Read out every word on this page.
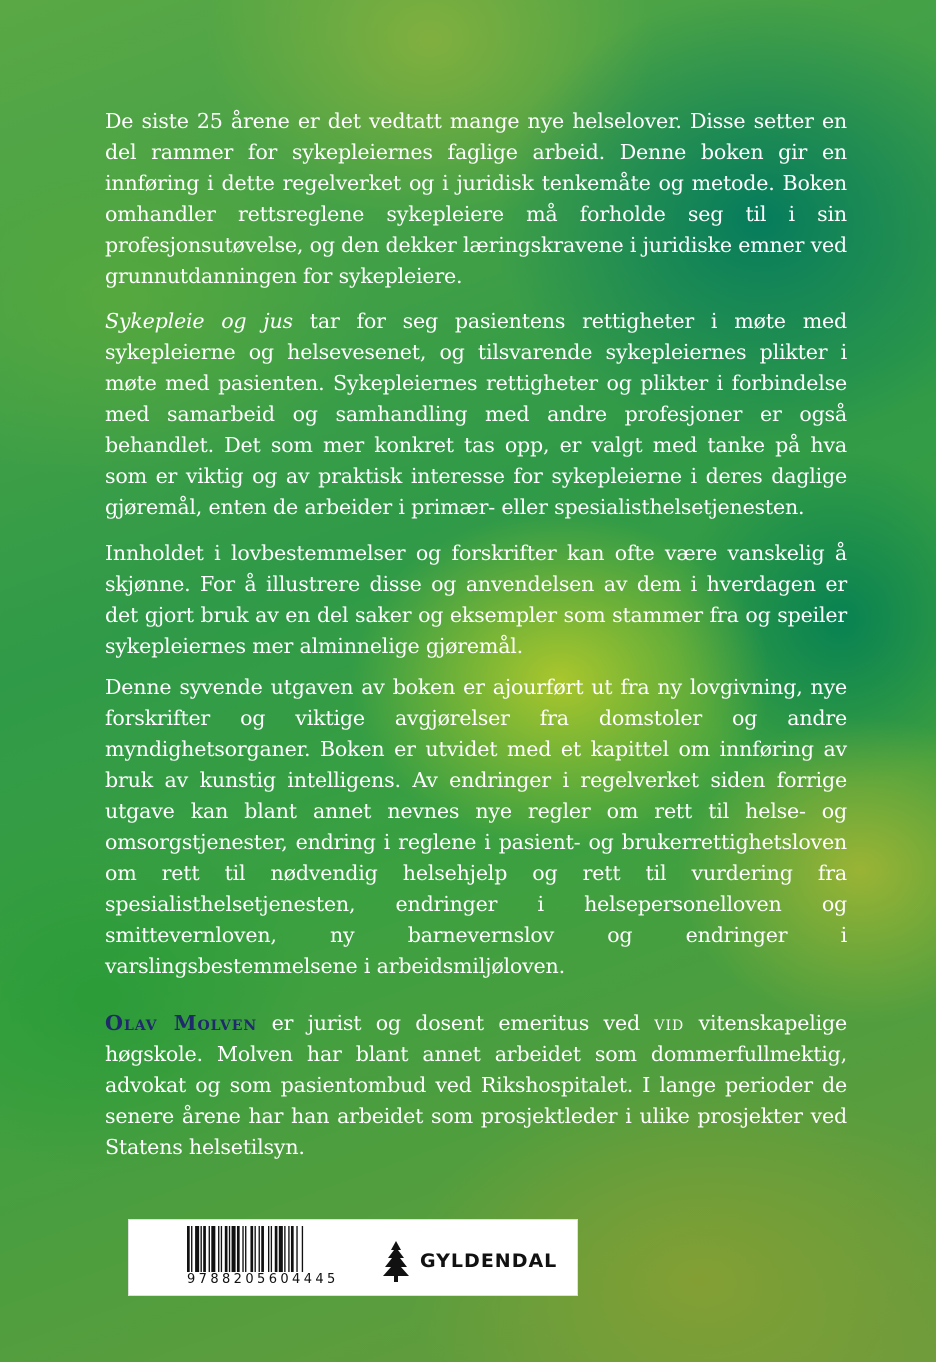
De siste 25 årene er det vedtatt mange nye helselover. Disse setter en del rammer for sykepleiernes faglige arbeid. Denne boken gir en innføring i dette regelverket og i juridisk tenkemåte og metode. Boken omhandler rettsreglene sykepleiere må forholde seg til i sin profesjonsutøvelse, og den dekker læringskravene i juridiske emner ved grunnutdanningen for sykepleiere.

Sykepleie og jus tar for seg pasientens rettigheter i møte med sykepleierne og helsevesenet, og tilsvarende sykepleiernes plikter i møte med pasienten. Sykepleiernes rettigheter og plikter i forbindelse med samarbeid og samhandling med andre profesjoner er også behandlet. Det som mer konkret tas opp, er valgt med tanke på hva som er viktig og av praktisk interesse for sykepleierne i deres daglige gjøremål, enten de arbeider i primær- eller spesialisthelsetjenesten.

Innholdet i lovbestemmelser og forskrifter kan ofte være vanskelig å skjønne. For å illustrere disse og anvendelsen av dem i hverdagen er det gjort bruk av en del saker og eksempler som stammer fra og speiler sykepleiernes mer alminnelige gjøremål.

Denne syvende utgaven av boken er ajourført ut fra ny lovgivning, nye forskrifter og viktige avgjørelser fra domstoler og andre myndighetsorganer. Boken er utvidet med et kapittel om innføring av bruk av kunstig intelligens. Av endringer i regelverket siden forrige utgave kan blant annet nevnes nye regler om rett til helse- og omsorgstjenester, endring i reglene i pasient- og brukerrettighetsloven om rett til nødvendig helsehjelp og rett til vurdering fra spesialisthelsetjenesten, endringer i helsepersonelloven og smittevernloven, ny barnevernslov og endringer i varslingsbestemmelsene i arbeidsmiljøloven.

Olav Molven er jurist og dosent emeritus ved vid vitenskapelige høgskole. Molven har blant annet arbeidet som dommerfullmektig, advokat og som pasientombud ved Rikshospitalet. I lange perioder de senere årene har han arbeidet som prosjektleder i ulike prosjekter ved Statens helsetilsyn.

9788205604445
GYLDENDAL
